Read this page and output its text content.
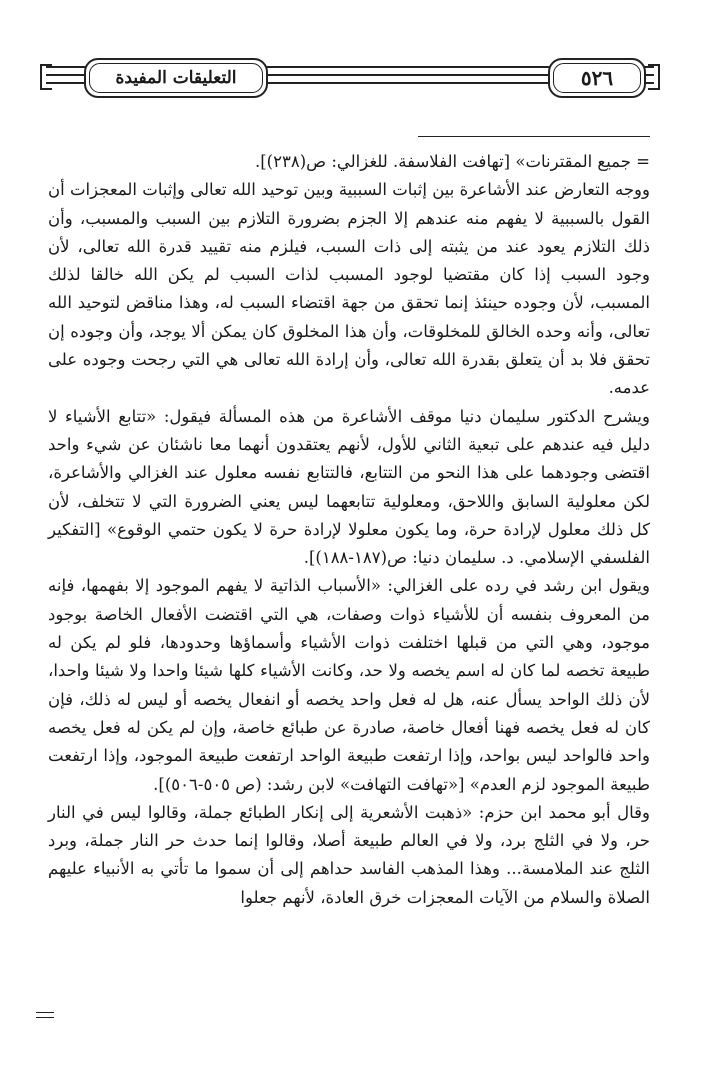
التعليقات المفيدة	٥٢٦

= جميع المقترنات» [تهافت الفلاسفة. للغزالي: ص(٢٣٨)].

ووجه التعارض عند الأشاعرة بين إثبات السببية وبين توحيد الله تعالى وإثبات المعجزات أن القول بالسببية لا يفهم منه عندهم إلا الجزم بضرورة التلازم بين السبب والمسبب، وأن ذلك التلازم يعود عند من يثبته إلى ذات السبب، فيلزم منه تقييد قدرة الله تعالى، لأن وجود السبب إذا كان مقتضيا لوجود المسبب لذات السبب لم يكن الله خالقا لذلك المسبب، لأن وجوده حينئذ إنما تحقق من جهة اقتضاء السبب له، وهذا مناقض لتوحيد الله تعالى، وأنه وحده الخالق للمخلوقات، وأن هذا المخلوق كان يمكن ألا يوجد، وأن وجوده إن تحقق فلا بد أن يتعلق بقدرة الله تعالى، وأن إرادة الله تعالى هي التي رجحت وجوده على عدمه.

ويشرح الدكتور سليمان دنيا موقف الأشاعرة من هذه المسألة فيقول: «تتابع الأشياء لا دليل فيه عندهم على تبعية الثاني للأول، لأنهم يعتقدون أنهما معا ناشئان عن شيء واحد اقتضى وجودهما على هذا النحو من التتابع، فالتتابع نفسه معلول عند الغزالي والأشاعرة، لكن معلولية السابق واللاحق، ومعلولية تتابعهما ليس يعني الضرورة التي لا تتخلف، لأن كل ذلك معلول لإرادة حرة، وما يكون معلولا لإرادة حرة لا يكون حتمي الوقوع» [التفكير الفلسفي الإسلامي. د. سليمان دنيا: ص(١٨٧-١٨٨)].

ويقول ابن رشد في رده على الغزالي: «الأسباب الذاتية لا يفهم الموجود إلا بفهمها، فإنه من المعروف بنفسه أن للأشياء ذوات وصفات، هي التي اقتضت الأفعال الخاصة بوجود موجود، وهي التي من قبلها اختلفت ذوات الأشياء وأسماؤها وحدودها، فلو لم يكن له طبيعة تخصه لما كان له اسم يخصه ولا حد، وكانت الأشياء كلها شيئا واحدا ولا شيئا واحدا، لأن ذلك الواحد يسأل عنه، هل له فعل واحد يخصه أو انفعال يخصه أو ليس له ذلك، فإن كان له فعل يخصه فهنا أفعال خاصة، صادرة عن طبائع خاصة، وإن لم يكن له فعل يخصه واحد فالواحد ليس بواحد، وإذا ارتفعت طبيعة الواحد ارتفعت طبيعة الموجود، وإذا ارتفعت طبيعة الموجود لزم العدم» [«تهافت التهافت» لابن رشد: (ص ٥٠٥-٥٠٦)].

وقال أبو محمد ابن حزم: «ذهبت الأشعرية إلى إنكار الطبائع جملة، وقالوا ليس في النار حر، ولا في الثلج برد، ولا في العالم طبيعة أصلا، وقالوا إنما حدث حر النار جملة، وبرد الثلج عند الملامسة... وهذا المذهب الفاسد حداهم إلى أن سموا ما تأتي به الأنبياء عليهم الصلاة والسلام من الآيات المعجزات خرق العادة، لأنهم جعلوا
